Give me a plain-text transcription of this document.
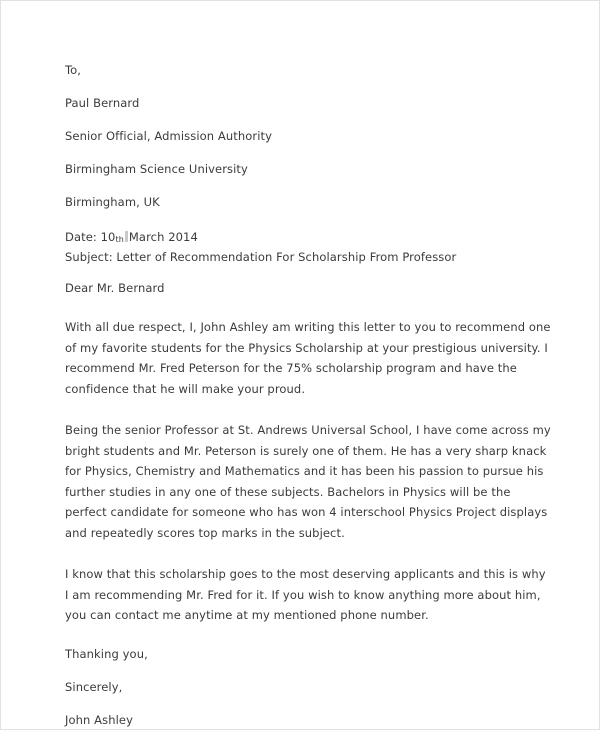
To,

Paul Bernard

Senior Official, Admission Authority

Birmingham Science University

Birmingham, UK

Date: 10th March 2014

Subject: Letter of Recommendation For Scholarship From Professor

Dear Mr. Bernard

With all due respect, I, John Ashley am writing this letter to you to recommend one of my favorite students for the Physics Scholarship at your prestigious university. I recommend Mr. Fred Peterson for the 75% scholarship program and have the confidence that he will make your proud.

Being the senior Professor at St. Andrews Universal School, I have come across my bright students and Mr. Peterson is surely one of them. He has a very sharp knack for Physics, Chemistry and Mathematics and it has been his passion to pursue his further studies in any one of these subjects. Bachelors in Physics will be the perfect candidate for someone who has won 4 interschool Physics Project displays and repeatedly scores top marks in the subject.

I know that this scholarship goes to the most deserving applicants and this is why I am recommending Mr. Fred for it. If you wish to know anything more about him, you can contact me anytime at my mentioned phone number.

Thanking you,

Sincerely,

John Ashley
